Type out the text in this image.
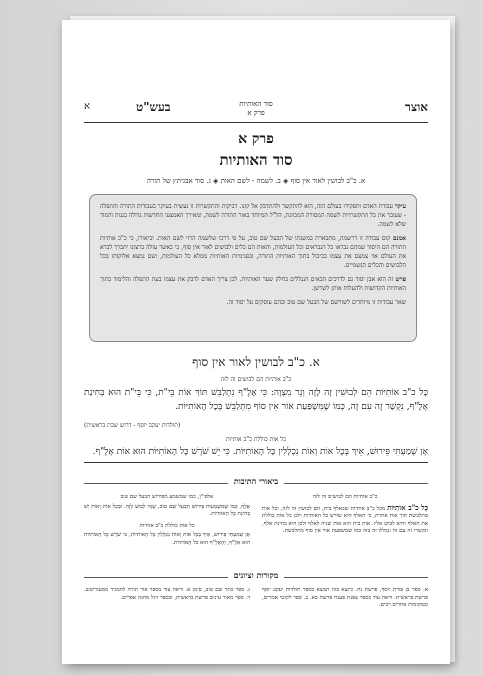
אוצר
סוד האותיות
פרק א
בעש"ט
א
פרק א
סוד האותיות
א. כ"ב לבושין לאור אין סוף ◈ ב. לשמה - לשם האות ◈ ג. סוד אבגיתץ של תורה

עיקר עבודת האדם ותפקידו בעולם הזה, הוא להתקשר ולהתדבק אל קונו. דביקות והתקשרות זו נעשית בעיקר בעבודות התורה והתפלה - שעובר את כל התקשרויות לשמה המסורה המכוונת, הל"ל המיוחד באור התורה לשמה, ומאירך האמצעי החדשות גדולה בגנות והמוד שלא לשמה.

אמנם קום עבודה זו דרשמה, מתבארת במשנתו של הבעל שם טוב, על פי דרכו שלשמה הרוי לשם האות. וביאורו, כי כ"ב אותיות התורה הם היסוד שמהם נבראו כל הנבראים וכל העולמות, והאות הם כלים ולבושים לאור אין סוף, כי כאשר עולה ברצונו יתברך לברא את העולם אזי צמצם את עצמו בכיבול בתוך האותיות התורה, ובפנימיות האותיות ממלא כל העולמות, ושם נמצא אלוקותו בכל הלבושים והכלים הגשמיים.

פרש זה הוא אבן יסוד גם לדרכים הבאים הנגללים בחלק שער האותיות. לכן צריך האדם לדבק את עצמו בעת התפלה והלימוד בתוך האותיות הקדושות ולהעלות אותן לשרשן.

שאר עבודות זו מיוחדים לשורשם של הבעל שם טוב ובהם עוסקים על יסוד זה.

א. כ"ב לבושין לאור אין סוף
כ"ב אותיות הם לבושים זה לזה
כָּל כ"ב אוֹתִיּוֹת הֵם לְבוּשִׁין זֶה לָזֶה וְנֵר מִצְוָה: כִּי אָלֶ"ף נִתְלַבֵּשׁ תּוֹךְ אוֹת בֵּי"ת, כִּי בֵּי"ת הוּא בְּחִינַת אָלֶ"ף, נִקְשַׁר זֶה עִם זֶה, כְּמוֹ שֶׁמִּשְׁפַּעַת אוֹר אֵין סוֹף מִתְלַבֵּשׁ בְּכָל הָאוֹתִיּוֹת.
(תולדות יעקב יוסף - דרוש שבת בראשית)
כל אות כוללת כ"ב אותיות
אָן שְׁמַעְתִּי פֵּירוּשׁ, אֵיךְ בְּכָל אוֹת וְאוֹת נִכְלָלִין כָּל הָאוֹתִיּוֹת. כִּי יֵשׁ שֹׁרֶשׁ כָּל הָאוֹתִיּוֹת הוּא אוֹת אָלֶ"ף.
ביאורי התיבות
כ"ב אותיות הם לבושים זה לזה

כָּל כ"ב אוֹתִיּוֹת מכל כ"ב אותיות שבאלף בית, הם לבושין זה לזה, וכל אות מתלבשת תוך אות אחרת, כי האלף הוא שורש כל האותיות ולכן כל אות כוללת את האלף והיא לבוש אליו. אות בית הוא אות שניה לאלף ולכן היא בחינת אלף, ונקשרו זה עם זה ונכללו זה בזה כמו שמשפעת אור אין סוף מתלבשת.

אלפי"ן, כמו שמשמע מפירוש הבעל שם טוב

אֶלֶף, כְּמוֹ שֶׁמִּשְׁמָעוּת פֵּירוּשׁ הַבַּעַל שֵׁם טוֹב, שֶׁזֶּה לְבוּשׁ לָזֶה. וּבְכָל אוֹת וְאוֹת יֵשׁ בְּחִינַת כָּל הָאוֹתִיּוֹת.

כל אות כוללת כ"ב אותיות

אָן שְׁמַעְתִּי פֵּירוּשׁ, אֵיךְ בְּכָל אוֹת וְאוֹת נִכְלָלִין כָּל הָאוֹתִיּוֹת, כִּי שֹׁרֶשׁ כָּל הָאוֹתִיּוֹת הוּא אָלֶ"ף, וְהָאָלֶ"ף הוּא כֹּל הָאוֹתִיּוֹת.

מקורות וציונים

א. ספר בן פורת יוסף, פרשת נח. כיוצא בזה תמצא בספר תולדות יעקב יוסף פרשת בראשית. וראה עוד בספר צפנת פענח פרשת בא. ב. ספר לקוטי אמרים, ובמקומות אחרים רבים.

ג. ספר כתר שם טוב, סימן א. וראה עוד בספר אור תורה להמגיד ממעזריטש. ד. ספר מאור עינים פרשת בראשית, ובספר דגל מחנה אפרים.
